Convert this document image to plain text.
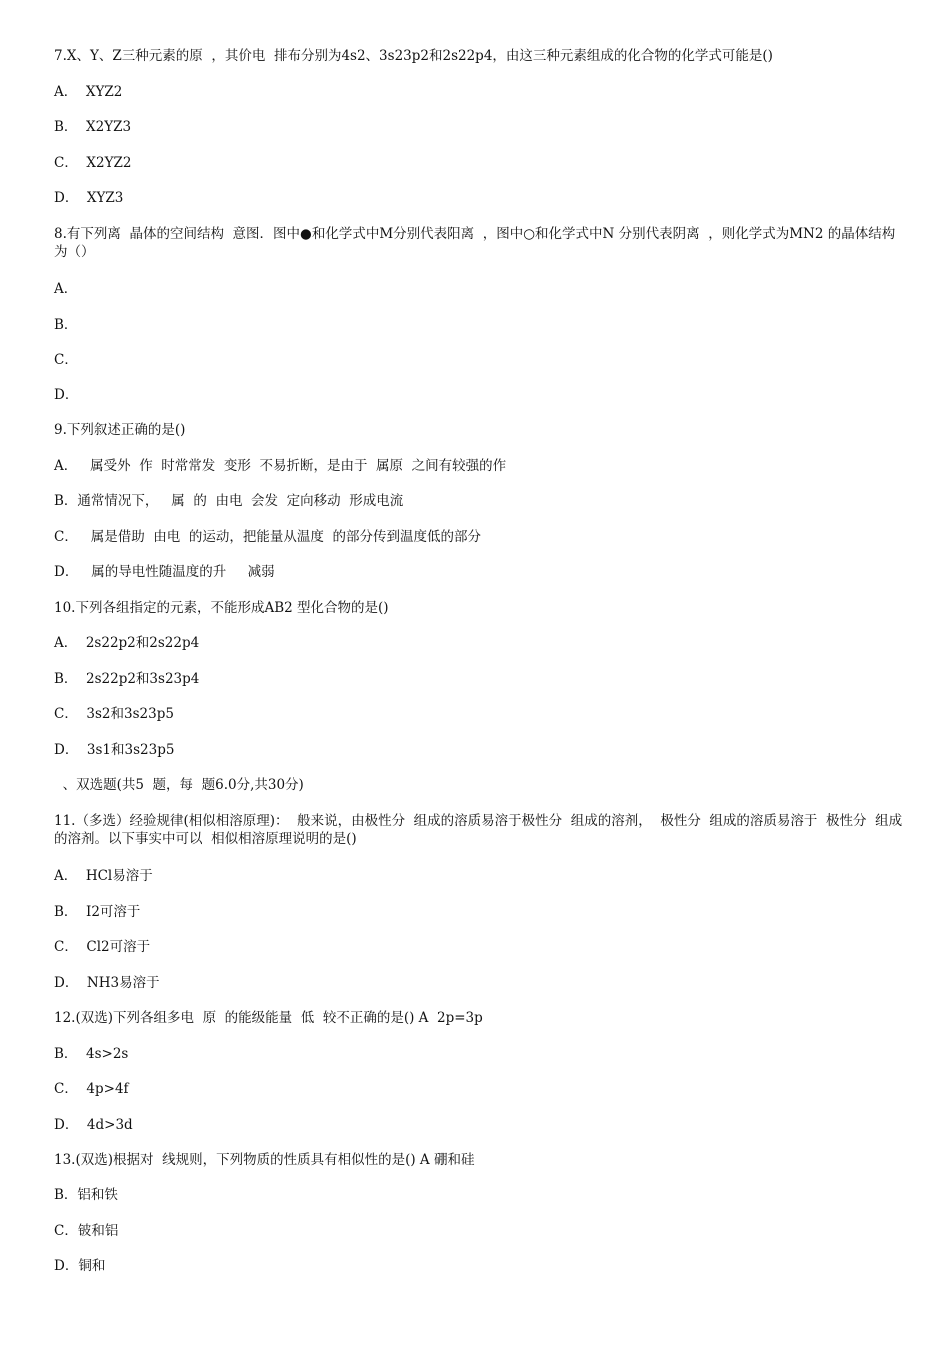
7.X、Y、Z三种元素的原  ，其价电  排布分别为4s2、3s23p2和2s22p4，由这三种元素组成的化合物的化学式可能是()
A．  XYZ2
B．  X2YZ3
C．  X2YZ2
D．  XYZ3
8.有下列离  晶体的空间结构  意图．图中●和化学式中M分别代表阳离  ，图中○和化学式中N 分别代表阴离  ，则化学式为MN2 的晶体结构为（）
A．
B．
C．
D．
9.下列叙述正确的是()
A．   属受外  作  时常常发  变形  不易折断，是由于  属原  之间有较强的作
B．通常情况下，   属  的  由电  会发  定向移动  形成电流
C．   属是借助  由电  的运动，把能量从温度  的部分传到温度低的部分
D．   属的导电性随温度的升     减弱
10.下列各组指定的元素，不能形成AB2 型化合物的是()
A．  2s22p2和2s22p4
B．  2s22p2和3s23p4
C．  3s2和3s23p5
D．  3s1和3s23p5
、双选题(共5  题，每  题6.0分,共30分)
11.（多选）经验规律(相似相溶原理)：  般来说，由极性分  组成的溶质易溶于极性分  组成的溶剂，  极性分  组成的溶质易溶于  极性分  组成的溶剂。以下事实中可以  相似相溶原理说明的是()
A．  HCl易溶于
B．  I2可溶于
C．  Cl2可溶于
D．  NH3易溶于
12.(双选)下列各组多电  原  的能级能量  低  较不正确的是() A  2p=3p
B．  4s>2s
C．  4p>4f
D．  4d>3d
13.(双选)根据对  线规则，下列物质的性质具有相似性的是() A 硼和硅
B．铝和铁
C．铍和铝
D．铜和
